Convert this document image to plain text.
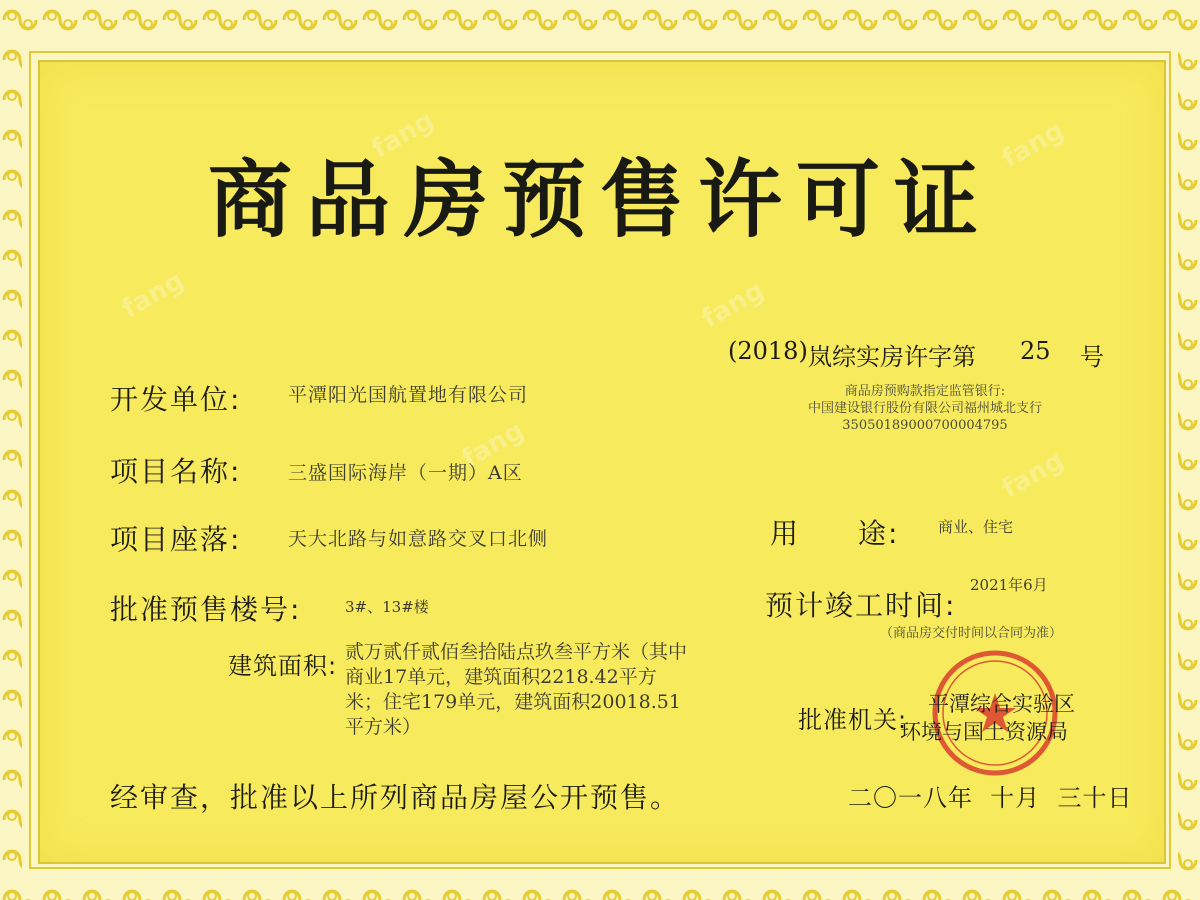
fang
fang	fang
fang
fang
fang
商品房预售许可证
(2018) 岚综实房许字第 25 号
商品房预购款指定监管银行:
中国建设银行股份有限公司福州城北支行
35050189000700004795
开发单位: 平潭阳光国航置地有限公司
项目名称: 三盛国际海岸（一期）A区
项目座落: 天大北路与如意路交叉口北侧	用 途:	商业、住宅
批准预售楼号:	3#、13#楼	预计竣工时间:
2021年6月
（商品房交付时间以合同为准）
建筑面积: 贰万贰仟贰佰叁拾陆点玖叁平方米（其中商业17单元，建筑面积2218.42平方米；住宅179单元，建筑面积20018.51平方米）	批准机关:
平潭综合实验区
环境与国土资源局
经审查，批准以上所列商品房屋公开预售。	二〇一八年  十月  三十日
